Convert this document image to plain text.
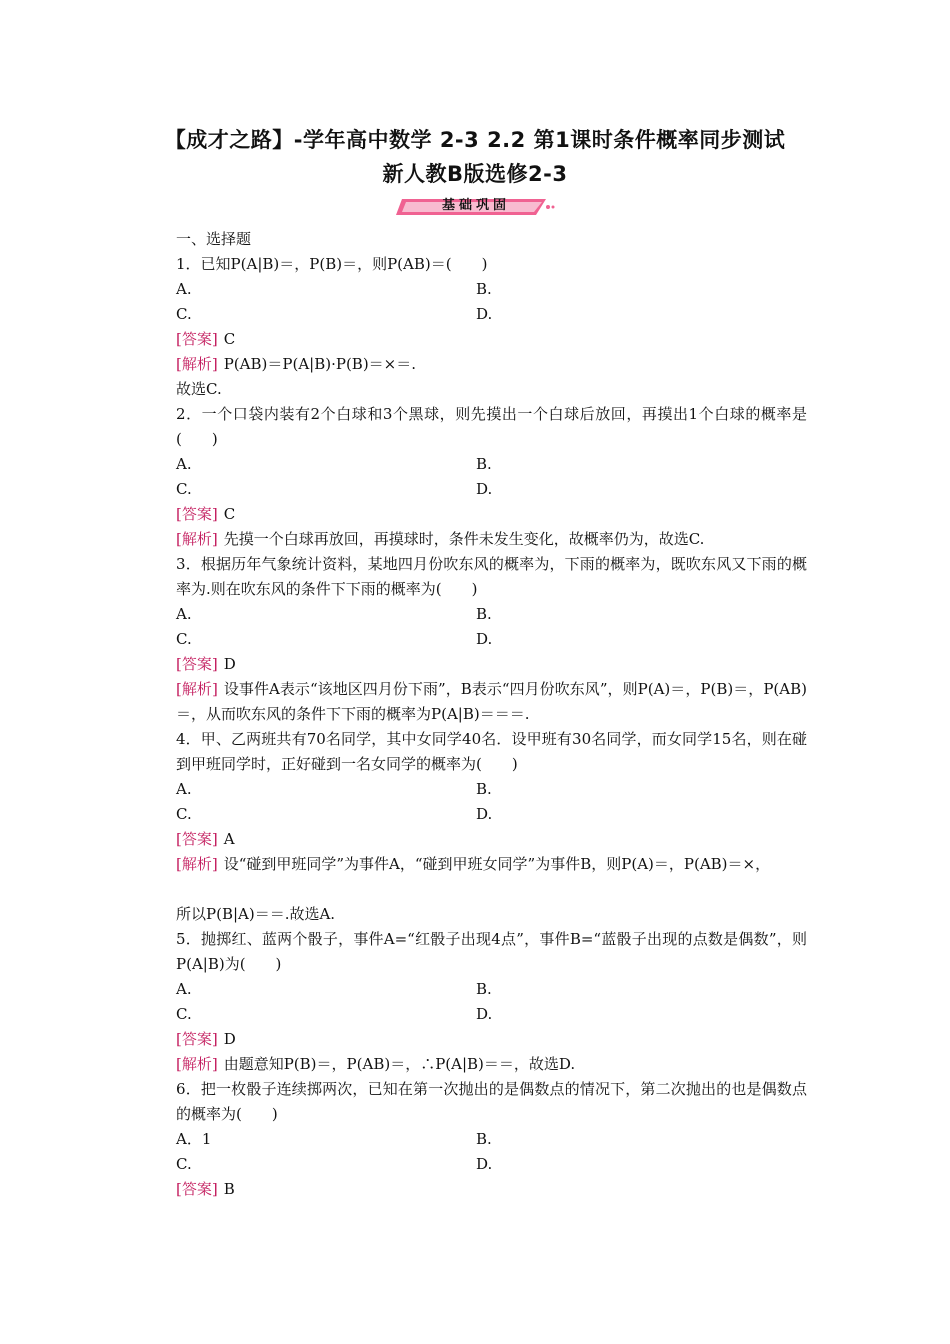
【成才之路】-学年高中数学 2-3 2.2 第1课时条件概率同步测试
新人教B版选修2-3
基础巩固
一、选择题
1．已知P(A|B)＝，P(B)＝，则P(AB)＝(　　)
A.	B.
C.	D.
[答案] C
[解析] P(AB)＝P(A|B)·P(B)＝×＝.
故选C.
2．一个口袋内装有2个白球和3个黑球，则先摸出一个白球后放回，再摸出1个白球的概率是(　　)
A.	B.
C.	D.
[答案] C
[解析] 先摸一个白球再放回，再摸球时，条件未发生变化，故概率仍为，故选C.
3．根据历年气象统计资料，某地四月份吹东风的概率为，下雨的概率为，既吹东风又下雨的概率为.则在吹东风的条件下下雨的概率为(　　)
A.	B.
C.	D.
[答案] D
[解析] 设事件A表示“该地区四月份下雨”，B表示“四月份吹东风”，则P(A)＝，P(B)＝，P(AB)＝，从而吹东风的条件下下雨的概率为P(A|B)＝＝＝.
4．甲、乙两班共有70名同学，其中女同学40名．设甲班有30名同学，而女同学15名，则在碰到甲班同学时，正好碰到一名女同学的概率为(　　)
A.	B.
C.	D.
[答案] A
[解析] 设“碰到甲班同学”为事件A，“碰到甲班女同学”为事件B，则P(A)＝，P(AB)＝×，
所以P(B|A)＝＝.故选A.
5．抛掷红、蓝两个骰子，事件A=“红骰子出现4点”，事件B=“蓝骰子出现的点数是偶数”，则P(A|B)为(　　)
A.	B.
C.	D.
[答案] D
[解析] 由题意知P(B)＝，P(AB)＝，∴P(A|B)＝＝，故选D.
6．把一枚骰子连续掷两次，已知在第一次抛出的是偶数点的情况下，第二次抛出的也是偶数点的概率为(　　)
A．1	B.
C.	D.
[答案] B
